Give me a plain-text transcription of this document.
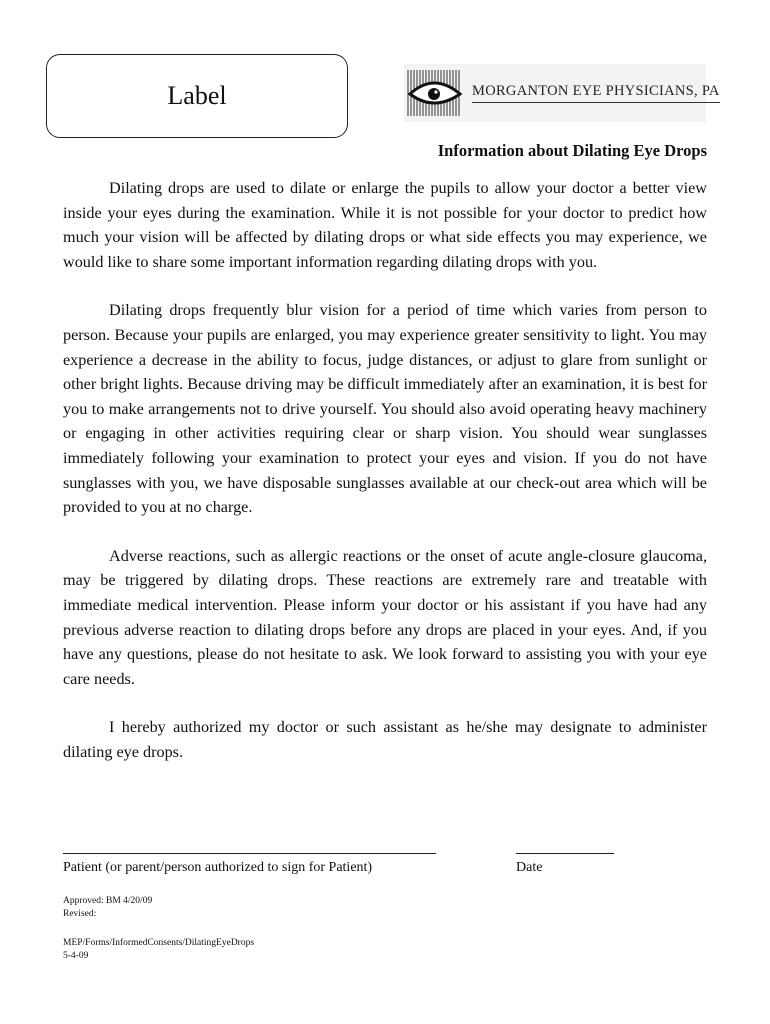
Label	MORGANTON EYE PHYSICIANS, PA
Information about Dilating Eye Drops

Dilating drops are used to dilate or enlarge the pupils to allow your doctor a better view inside your eyes during the examination. While it is not possible for your doctor to predict how much your vision will be affected by dilating drops or what side effects you may experience, we would like to share some important information regarding dilating drops with you.

Dilating drops frequently blur vision for a period of time which varies from person to person. Because your pupils are enlarged, you may experience greater sensitivity to light. You may experience a decrease in the ability to focus, judge distances, or adjust to glare from sunlight or other bright lights. Because driving may be difficult immediately after an examination, it is best for you to make arrangements not to drive yourself. You should also avoid operating heavy machinery or engaging in other activities requiring clear or sharp vision. You should wear sunglasses immediately following your examination to protect your eyes and vision. If you do not have sunglasses with you, we have disposable sunglasses available at our check-out area which will be provided to you at no charge.

Adverse reactions, such as allergic reactions or the onset of acute angle-closure glaucoma, may be triggered by dilating drops. These reactions are extremely rare and treatable with immediate medical intervention. Please inform your doctor or his assistant if you have had any previous adverse reaction to dilating drops before any drops are placed in your eyes. And, if you have any questions, please do not hesitate to ask. We look forward to assisting you with your eye care needs.

I hereby authorized my doctor or such assistant as he/she may designate to administer dilating eye drops.

Patient (or parent/person authorized to sign for Patient)	Date
Approved: BM 4/20/09
Revised:
MEP/Forms/InformedConsents/DilatingEyeDrops
5-4-09
